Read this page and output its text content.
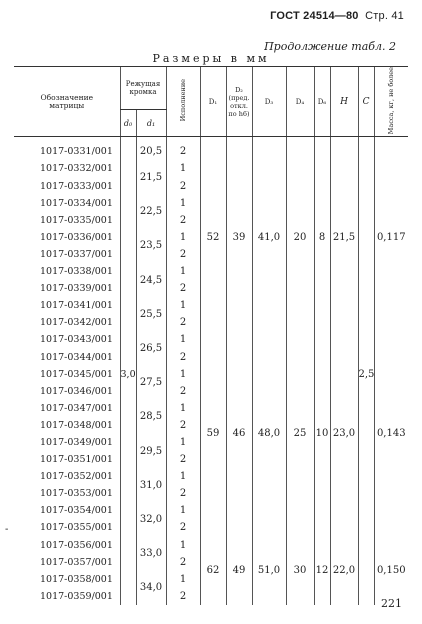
ГОСТ 24514—80 Стр. 41
Продолжение табл. 2
Размеры в мм
Обозначение матрицы	Режущая кромка		Исполнение	D₁	D₂ (пред. откл. по h6)	D₃	D₄	D₆	H	C	Масса, кг, не более
	d₀	d₁									

1017-0331/001	3,0	20,5	2	52	39	41,0	20	8	21,5	2,5	0,117
1017-0332/001		21,5	1								
1017-0333/001			2								
1017-0334/001		22,5	1								
1017-0335/001			2								
1017-0336/001		23,5	1								
1017-0337/001			2								
1017-0338/001		24,5	1								
1017-0339/001			2								
1017-0341/001		25,5	1								
1017-0342/001			2								
1017-0343/001		26,5	1	59	46	48,0	25	10	23,0		0,143
1017-0344/001			2								
1017-0345/001		27,5	1								
1017-0346/001			2								
1017-0347/001		28,5	1								
1017-0348/001			2								
1017-0349/001		29,5	1								
1017-0351/001			2								
1017-0352/001		31,0	1								
1017-0353/001			2								
1017-0354/001		32,0	1								
1017-0355/001			2								
1017-0356/001		33,0	1	62	49	51,0	30	12	22,0		0,150
1017-0357/001			2								
1017-0358/001		34,0	1								
1017-0359/001			2								
-
221
